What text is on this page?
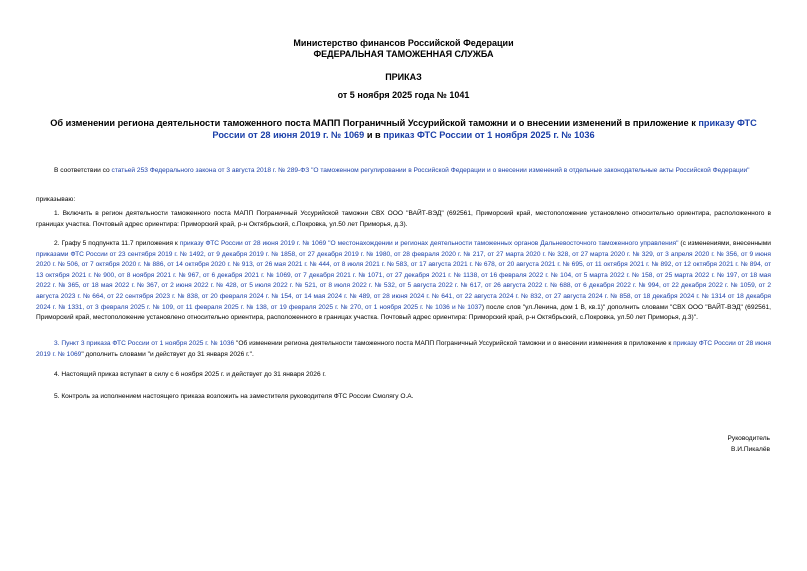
Министерство финансов Российской Федерации
ФЕДЕРАЛЬНАЯ ТАМОЖЕННАЯ СЛУЖБА
ПРИКАЗ
от 5 ноября 2025 года № 1041
Об изменении региона деятельности таможенного поста МАПП Пограничный Уссурийской таможни и о внесении изменений в приложение к приказу ФТС России от 28 июня 2019 г. № 1069 и в приказ ФТС России от 1 ноября 2025 г. № 1036
В соответствии со статьей 253 Федерального закона от 3 августа 2018 г. № 289-ФЗ "О таможенном регулировании в Российской Федерации и о внесении изменений в отдельные законодательные акты Российской Федерации"
приказываю:
1. Включить в регион деятельности таможенного поста МАПП Пограничный Уссурийской таможни СВХ ООО "ВАЙТ-ВЭД" (692561, Приморский край, местоположение установлено относительно ориентира, расположенного в границах участка. Почтовый адрес ориентира: Приморский край, р-н Октябрьский, с.Покровка, ул.50 лет Приморья, д.3).
2. Графу 5 подпункта 11.7 приложения к приказу ФТС России от 28 июня 2019 г. № 1069 "О местонахождении и регионах деятельности таможенных органов Дальневосточного таможенного управления" (с изменениями, внесенными приказами ФТС России от 23 сентября 2019 г. № 1492, от 9 декабря 2019 г. № 1858, от 27 декабря 2019 г. № 1980, от 28 февраля 2020 г. № 217, от 27 марта 2020 г. № 328, от 27 марта 2020 г. № 329, от 3 апреля 2020 г. № 356, от 9 июня 2020 г. № 506, от 7 октября 2020 г. № 886, от 14 октября 2020 г. № 913, от 26 мая 2021 г. № 444, от 8 июля 2021 г. № 583, от 17 августа 2021 г. № 678, от 20 августа 2021 г. № 695, от 11 октября 2021 г. № 892, от 12 октября 2021 г. № 894, от 13 октября 2021 г. № 900, от 8 ноября 2021 г. № 967, от 6 декабря 2021 г. № 1069, от 7 декабря 2021 г. № 1071, от 27 декабря 2021 г. № 1138, от 16 февраля 2022 г. № 104, от 5 марта 2022 г. № 158, от 25 марта 2022 г. № 197, от 18 мая 2022 г. № 365, от 18 мая 2022 г. № 367, от 2 июня 2022 г. № 428, от 5 июля 2022 г. № 521, от 8 июля 2022 г. № 532, от 5 августа 2022 г. № 617, от 26 августа 2022 г. № 688, от 6 декабря 2022 г. № 994, от 22 декабря 2022 г. № 1059, от 2 августа 2023 г. № 664, от 22 сентября 2023 г. № 838, от 20 февраля 2024 г. № 154, от 14 мая 2024 г. № 489, от 28 июня 2024 г. № 641, от 22 августа 2024 г. № 832, от 27 августа 2024 г. № 858, от 18 декабря 2024 г. № 1314 от 18 декабря 2024 г. № 1331, от 3 февраля 2025 г. № 109, от 11 февраля 2025 г. № 138, от 19 февраля 2025 г. № 270, от 1 ноября 2025 г. № 1036 и № 1037) после слов "ул.Ленина, дом 1 В, кв.1)" дополнить словами "СВХ ООО "ВАЙТ-ВЭД" (692561, Приморский край, местоположение установлено относительно ориентира, расположенного в границах участка. Почтовый адрес ориентира: Приморский край, р-н Октябрьский, с.Покровка, ул.50 лет Приморья, д.3)".
3. Пункт 3 приказа ФТС России от 1 ноября 2025 г. № 1036 "Об изменении региона деятельности таможенного поста МАПП Пограничный Уссурийской таможни и о внесении изменения в приложение к приказу ФТС России от 28 июня 2019 г. № 1069" дополнить словами "и действует до 31 января 2026 г.".
4. Настоящий приказ вступает в силу с 6 ноября 2025 г. и действует до 31 января 2026 г.
5. Контроль за исполнением настоящего приказа возложить на заместителя руководителя ФТС России Смолягу О.А.
Руководитель
В.И.Пикалёв
